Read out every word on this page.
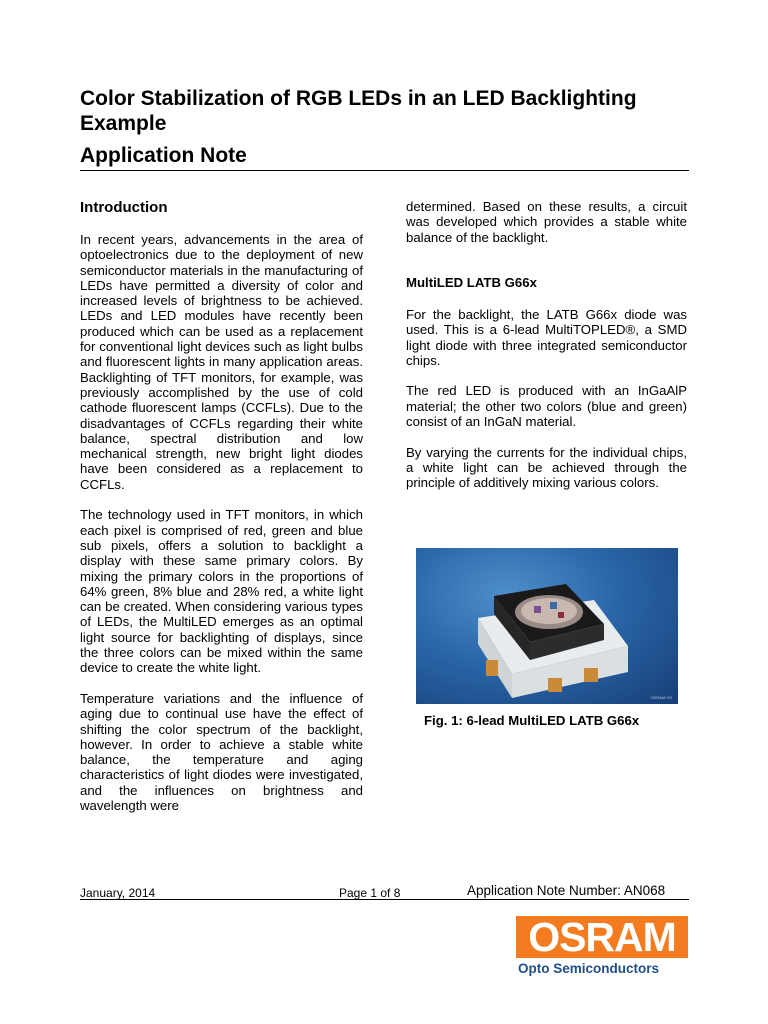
Color Stabilization of RGB LEDs in an LED Backlighting Example
Application Note
Introduction

In recent years, advancements in the area of optoelectronics due to the deployment of new semiconductor materials in the manufacturing of LEDs have permitted a diversity of color and increased levels of brightness to be achieved. LEDs and LED modules have recently been produced which can be used as a replacement for conventional light devices such as light bulbs and fluorescent lights in many application areas. Backlighting of TFT monitors, for example, was previously accomplished by the use of cold cathode fluorescent lamps (CCFLs). Due to the disadvantages of CCFLs regarding their white balance, spectral distribution and low mechanical strength, new bright light diodes have been considered as a replacement to CCFLs.

The technology used in TFT monitors, in which each pixel is comprised of red, green and blue sub pixels, offers a solution to backlight a display with these same primary colors. By mixing the primary colors in the proportions of 64% green, 8% blue and 28% red, a white light can be created. When considering various types of LEDs, the MultiLED emerges as an optimal light source for backlighting of displays, since the three colors can be mixed within the same device to create the white light.

Temperature variations and the influence of aging due to continual use have the effect of shifting the color spectrum of the backlight, however. In order to achieve a stable white balance, the temperature and aging characteristics of light diodes were investigated, and the influences on brightness and wavelength were

determined. Based on these results, a circuit was developed which provides a stable white balance of the backlight.

MultiLED LATB G66x

For the backlight, the LATB G66x diode was used. This is a 6-lead MultiTOPLED®, a SMD light diode with three integrated semiconductor chips.

The red LED is produced with an InGaAlP material; the other two colors (blue and green) consist of an InGaN material.

By varying the currents for the individual chips, a white light can be achieved through the principle of additively mixing various colors.

OSRAM OS

Fig. 1: 6-lead MultiLED LATB G66x

January, 2014	Page 1 of 8	Application Note Number: AN068
OSRAM
Opto Semiconductors
